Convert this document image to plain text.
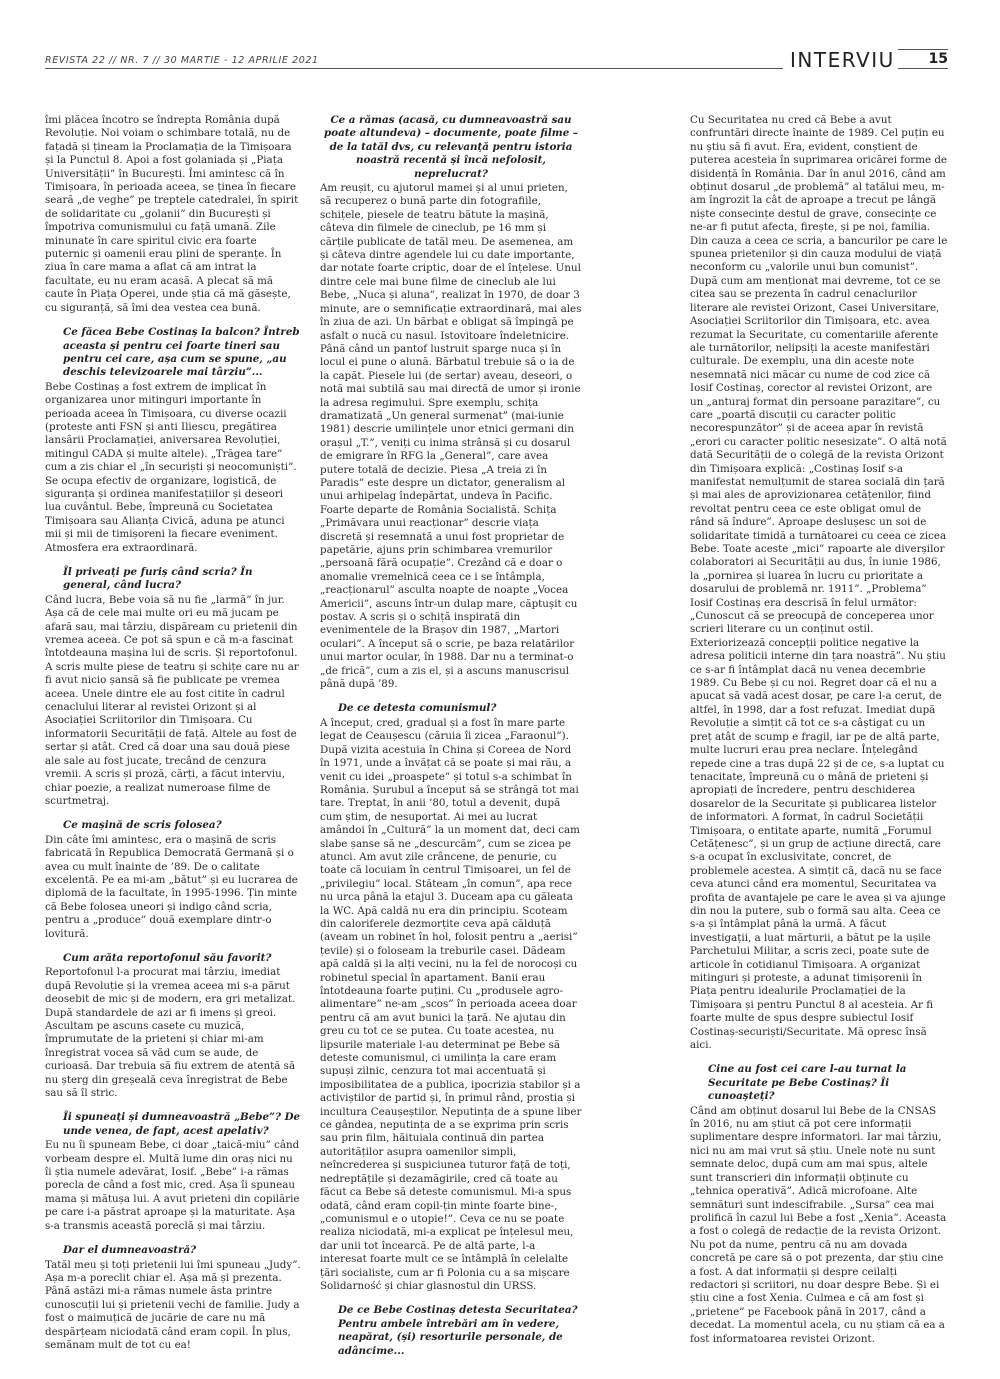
REVISTA 22 // NR. 7 // 30 MARTIE - 12 APRILIE 2021	INTERVIU	15

îmi plăcea încotro se îndrepta România după Revoluție. Noi voiam o schimbare totală, nu de fațadă și țineam la Proclamația de la Timișoara și la Punctul 8. Apoi a fost golaniada și „Piața Universității” în București. Îmi amintesc că în Timișoara, în perioada aceea, se ținea în fiecare seară „de veghe” pe treptele catedralei, în spirit de solidaritate cu „golanii” din București și împotriva comunismului cu față umană. Zile minunate în care spiritul civic era foarte puternic și oamenii erau plini de speranțe. În ziua în care mama a aflat că am intrat la facultate, eu nu eram acasă. A plecat să mă caute în Piața Operei, unde știa că mă găsește, cu siguranță, să îmi dea vestea cea bună.

Ce făcea Bebe Costinaș la balcon? Întreb aceasta și pentru cei foarte tineri sau pentru cei care, așa cum se spune, „au deschis televizoarele mai târziu”...

Bebe Costinaș a fost extrem de implicat în organizarea unor mitinguri importante în perioada aceea în Timișoara, cu diverse ocazii (proteste anti FSN și anti Iliescu, pregătirea lansării Proclamației, aniversarea Revoluției, mitingul CADA și multe altele). „Trăgea tare” cum a zis chiar el „în securiști și neocomuniști”. Se ocupa efectiv de organizare, logistică, de siguranța și ordinea manifestațiilor și deseori lua cuvântul. Bebe, împreună cu Societatea Timișoara sau Alianța Civică, aduna pe atunci mii și mii de timișoreni la fiecare eveniment. Atmosfera era extraordinară.

Îl priveați pe furiș când scria? În general, când lucra?

Când lucra, Bebe voia să nu fie „larmă” în jur. Așa că de cele mai multe ori eu mă jucam pe afară sau, mai târziu, dispăream cu prietenii din vremea aceea. Ce pot să spun e că m-a fascinat întotdeauna mașina lui de scris. Și reportofonul. A scris multe piese de teatru și schițe care nu ar fi avut nicio șansă să fie publicate pe vremea aceea. Unele dintre ele au fost citite în cadrul cenaclului literar al revistei Orizont și al Asociației Scriitorilor din Timișoara. Cu informatorii Securității de față. Altele au fost de sertar și atât. Cred că doar una sau două piese ale sale au fost jucate, trecând de cenzura vremii. A scris și proză, cărți, a făcut interviu, chiar poezie, a realizat numeroase filme de scurtmetraj.

Ce mașină de scris folosea?

Din câte îmi amintesc, era o mașină de scris fabricată în Republica Democrată Germană și o avea cu mult înainte de ’89. De o calitate excelentă. Pe ea mi-am „bătut” și eu lucrarea de diplomă de la facultate, în 1995-1996. Țin minte că Bebe folosea uneori și indigo când scria, pentru a „produce” două exemplare dintr-o lovitură.

Cum arăta reportofonul său favorit?

Reportofonul l-a procurat mai târziu, imediat după Revoluție și la vremea aceea mi s-a părut deosebit de mic și de modern, era gri metalizat. După standardele de azi ar fi imens și greoi. Ascultam pe ascuns casete cu muzică, împrumutate de la prieteni și chiar mi-am înregistrat vocea să văd cum se aude, de curioasă. Dar trebuia să fiu extrem de atentă să nu șterg din greșeală ceva înregistrat de Bebe sau să îl stric.

Îi spuneați și dumneavoastră „Bebe”? De unde venea, de fapt, acest apelativ?

Eu nu îi spuneam Bebe, ci doar „taică-miu” când vorbeam despre el. Multă lume din oraș nici nu îi știa numele adevărat, Iosif. „Bebe” i-a rămas porecla de când a fost mic, cred. Așa îi spuneau mama și mătușa lui. A avut prieteni din copilărie pe care i-a păstrat aproape și la maturitate. Așa s-a transmis această poreclă și mai târziu.

Dar el dumneavoastră?

Tatăl meu și toți prietenii lui îmi spuneau „Judy”. Așa m-a poreclit chiar el. Așa mă și prezenta. Până astăzi mi-a rămas numele ăsta printre cunoscuții lui și prietenii vechi de familie. Judy a fost o maimuțică de jucărie de care nu mă despărțeam niciodată când eram copil. În plus, semănam mult de tot cu ea!

Ce a rămas (acasă, cu dumneavoastră sau poate altundeva) – documente, poate filme – de la tatăl dvs, cu relevanță pentru istoria noastră recentă și încă nefolosit, neprelucrat?

Am reușit, cu ajutorul mamei și al unui prieten, să recuperez o bună parte din fotografiile, schițele, piesele de teatru bătute la mașină, câteva din filmele de cineclub, pe 16 mm și cărțile publicate de tatăl meu. De asemenea, am și câteva dintre agendele lui cu date importante, dar notate foarte criptic, doar de el înțelese. Unul dintre cele mai bune filme de cineclub ale lui Bebe, „Nuca și aluna”, realizat în 1970, de doar 3 minute, are o semnificație extraordinară, mai ales în ziua de azi. Un bărbat e obligat să împingă pe asfalt o nucă cu nasul. Istovitoare îndeletnicire. Până când un pantof lustruit sparge nuca și în locul ei pune o alună. Bărbatul trebuie să o ia de la capăt. Piesele lui (de sertar) aveau, deseori, o notă mai subtilă sau mai directă de umor și ironie la adresa regimului. Spre exemplu, schița dramatizată „Un general surmenat” (mai-iunie 1981) descrie umilințele unor etnici germani din orașul „T.”, veniți cu inima strânsă și cu dosarul de emigrare în RFG la „General”, care avea putere totală de decizie. Piesa „A treia zi în Paradis” este despre un dictator, generalism al unui arhipelag îndepărtat, undeva în Pacific. Foarte departe de România Socialistă. Schița „Primăvara unui reacționar” descrie viața discretă și resemnată a unui fost proprietar de papetărie, ajuns prin schimbarea vremurilor „persoană fără ocupație”. Crezând că e doar o anomalie vremelnică ceea ce i se întâmpla, „reacționarul” asculta noapte de noapte „Vocea Americii”, ascuns într-un dulap mare, căptușit cu postav. A scris și o schiță inspirată din evenimentele de la Brașov din 1987, „Martori oculari”. A început să o scrie, pe baza relatărilor unui martor ocular, în 1988. Dar nu a terminat-o „de frică”, cum a zis el, și a ascuns manuscrisul până după ’89.

De ce detesta comunismul?

A început, cred, gradual și a fost în mare parte legat de Ceaușescu (căruia îi zicea „Faraonul”). După vizita acestuia în China și Coreea de Nord în 1971, unde a învățat că se poate și mai rău, a venit cu idei „proaspete” și totul s-a schimbat în România. Șurubul a început să se strângă tot mai tare. Treptat, în anii ’80, totul a devenit, după cum știm, de nesuportat. Ai mei au lucrat amândoi în „Cultură” la un moment dat, deci cam slabe șanse să ne „descurcăm”, cum se zicea pe atunci. Am avut zile crâncene, de penurie, cu toate că locuiam în centrul Timișoarei, un fel de „privilegiu” local. Stăteam „în comun”, apa rece nu urca până la etajul 3. Duceam apa cu găleata la WC. Apă caldă nu era din principiu. Scoteam din caloriferele dezmorțite ceva apă călduță (aveam un robinet în hol, folosit pentru a „aerisi” țevile) și o foloseam la treburile casei. Dădeam apă caldă și la alți vecini, nu la fel de norocoși cu robinetul special în apartament. Banii erau întotdeauna foarte puțini. Cu „produsele agro-alimentare” ne-am „scos” în perioada aceea doar pentru că am avut bunici la țară. Ne ajutau din greu cu tot ce se putea. Cu toate acestea, nu lipsurile materiale l-au determinat pe Bebe să deteste comunismul, ci umilința la care eram supuși zilnic, cenzura tot mai accentuată și imposibilitatea de a publica, ipocrizia stabilor și a activiștilor de partid și, în primul rând, prostia și incultura Ceaușeștilor. Neputința de a spune liber ce gândea, neputința de a se exprima prin scris sau prin film, hăituiala continuă din partea autorităților asupra oamenilor simpli, neîncrederea și suspiciunea tuturor față de toți, nedreptățile și dezamăgirile, cred că toate au făcut ca Bebe să deteste comunismul. Mi-a spus odată, când eram copil-țin minte foarte bine-, „comunismul e o utopie!”. Ceva ce nu se poate realiza niciodată, mi-a explicat pe înțelesul meu, dar unii tot încearcă. Pe de altă parte, l-a interesat foarte mult ce se întâmplă în celelalte țări socialiste, cum ar fi Polonia cu a sa mișcare Solidarność și chiar glasnostul din URSS.

De ce Bebe Costinaș detesta Securitatea? Pentru ambele întrebări am în vedere, neapărat, (și) resorturile personale, de adâncime...

Cu Securitatea nu cred că Bebe a avut confruntări directe înainte de 1989. Cel puțin eu nu știu să fi avut. Era, evident, conștient de puterea acesteia în suprimarea oricărei forme de disidență în România. Dar în anul 2016, când am obținut dosarul „de problemă” al tatălui meu, m-am îngrozit la cât de aproape a trecut pe lângă niște consecințe destul de grave, consecințe ce ne-ar fi putut afecta, firește, și pe noi, familia. Din cauza a ceea ce scria, a bancurilor pe care le spunea prietenilor și din cauza modului de viață neconform cu „valorile unui bun comunist”. După cum am menționat mai devreme, tot ce se citea sau se prezenta în cadrul cenaclurilor literare ale revistei Orizont, Casei Universitare, Asociației Scriitorilor din Timișoara, etc. avea rezumat la Securitate, cu comentariile aferente ale turnătorilor, nelipsiți la aceste manifestări culturale. De exemplu, una din aceste note nesemnată nici măcar cu nume de cod zice că Iosif Costinaș, corector al revistei Orizont, are un „anturaj format din persoane parazitare”, cu care „poartă discuții cu caracter politic necorespunzător” și de aceea apar în revistă „erori cu caracter politic nesesizate”. O altă notă dată Securității de o colegă de la revista Orizont din Timișoara explică: „Costinaș Iosif s-a manifestat nemulțumit de starea socială din țară și mai ales de aprovizionarea cetățenilor, fiind revoltat pentru ceea ce este obligat omul de rând să îndure”. Aproape deslușesc un soi de solidaritate timidă a turnătoarei cu ceea ce zicea Bebe. Toate aceste „mici” rapoarte ale diverșilor colaboratori ai Securității au dus, în iunie 1986, la „pornirea și luarea în lucru cu prioritate a dosarului de problemă nr. 1911”. „Problema” Iosif Costinaș era descrisă în felul următor: „Cunoscut că se preocupă de conceperea unor scrieri literare cu un conținut ostil. Exteriorizează concepții politice negative la adresa politicii interne din țara noastră”. Nu știu ce s-ar fi întâmplat dacă nu venea decembrie 1989. Cu Bebe și cu noi. Regret doar că el nu a apucat să vadă acest dosar, pe care l-a cerut, de altfel, în 1998, dar a fost refuzat. Imediat după Revoluție a simțit că tot ce s-a câștigat cu un preț atât de scump e fragil, iar pe de altă parte, multe lucruri erau prea neclare. Înțelegând repede cine a tras după 22 și de ce, s-a luptat cu tenacitate, împreună cu o mână de prieteni și apropiați de încredere, pentru deschiderea dosarelor de la Securitate și publicarea listelor de informatori. A format, în cadrul Societății Timișoara, o entitate aparte, numită „Forumul Cetățenesc”, și un grup de acțiune directă, care s-a ocupat în exclusivitate, concret, de problemele acestea. A simțit că, dacă nu se face ceva atunci când era momentul, Securitatea va profita de avantajele pe care le avea și va ajunge din nou la putere, sub o formă sau alta. Ceea ce s-a și întâmplat până la urmă. A făcut investigații, a luat mărturii, a bătut pe la ușile Parchetului Militar, a scris zeci, poate sute de articole în cotidianul Timișoara. A organizat mitinguri și proteste, a adunat timișorenii în Piața pentru idealurile Proclamației de la Timișoara și pentru Punctul 8 al acesteia. Ar fi foarte multe de spus despre subiectul Iosif Costinaș-securiști/Securitate. Mă opresc însă aici.

Cine au fost cei care l-au turnat la Securitate pe Bebe Costinaș? Îi cunoașteți?

Când am obținut dosarul lui Bebe de la CNSAS în 2016, nu am știut că pot cere informații suplimentare despre informatori. Iar mai târziu, nici nu am mai vrut să știu. Unele note nu sunt semnate deloc, după cum am mai spus, altele sunt transcrieri din informații obținute cu „tehnica operativă”. Adică microfoane. Alte semnături sunt indescifrabile. „Sursa” cea mai prolifică în cazul lui Bebe a fost „Xenia”. Aceasta a fost o colegă de redacție de la revista Orizont. Nu pot da nume, pentru că nu am dovada concretă pe care să o pot prezenta, dar știu cine a fost. A dat informații și despre ceilalți redactori și scriitori, nu doar despre Bebe. Și ei știu cine a fost Xenia. Culmea e că am fost și „prietene” pe Facebook până în 2017, când a decedat. La momentul acela, cu nu știam că ea a fost informatoarea revistei Orizont.
